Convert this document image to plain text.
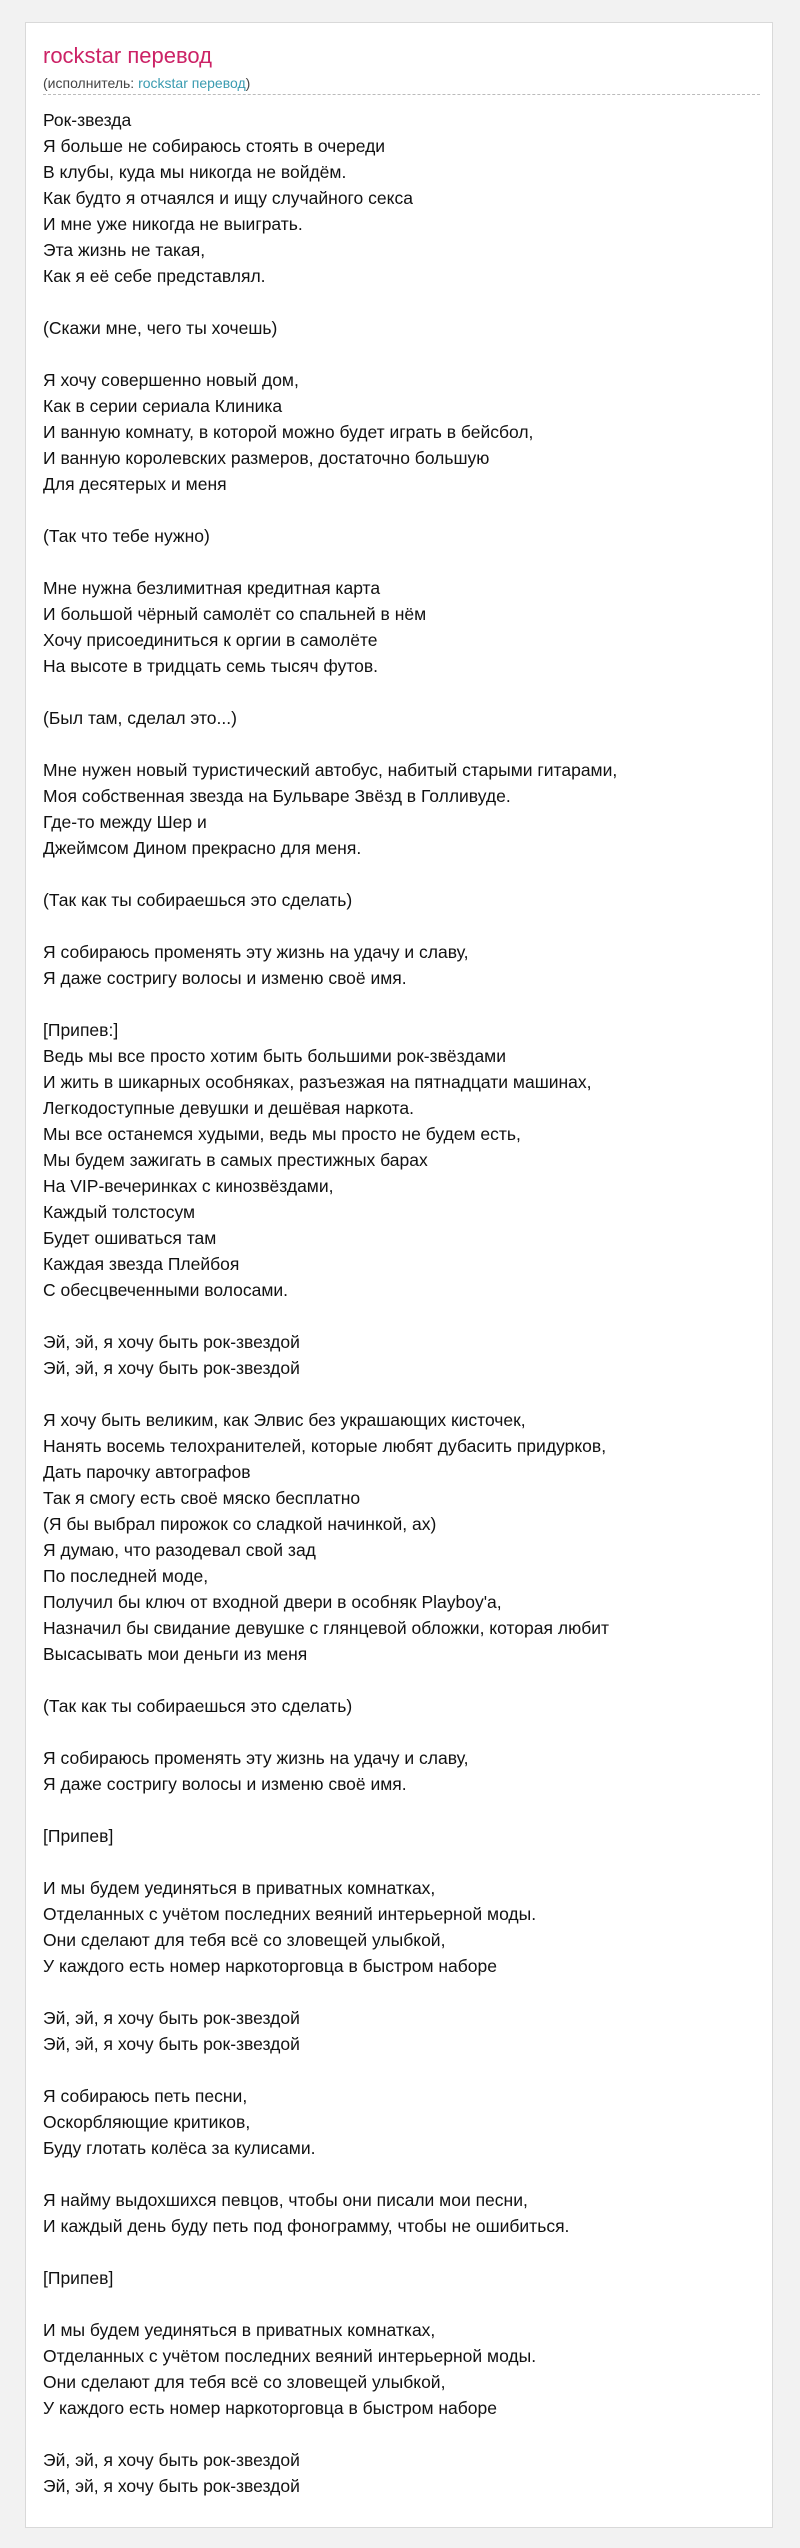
rockstar перевод
(исполнитель: rockstar перевод)
Рок-звезда
Я больше не собираюсь стоять в очереди
В клубы, куда мы никогда не войдём.
Как будто я отчаялся и ищу случайного секса
И мне уже никогда не выиграть.
Эта жизнь не такая,
Как я её себе представлял.
(Скажи мне, чего ты хочешь)
Я хочу совершенно новый дом,
Как в серии сериала Клиника
И ванную комнату, в которой можно будет играть в бейсбол,
И ванную королевских размеров, достаточно большую
Для десятерых и меня
(Так что тебе нужно)
Мне нужна безлимитная кредитная карта
И большой чёрный самолёт со спальней в нём
Хочу присоединиться к оргии в самолёте
На высоте в тридцать семь тысяч футов.
(Был там, сделал это...)
Мне нужен новый туристический автобус, набитый старыми гитарами,
Моя собственная звезда на Бульваре Звёзд в Голливуде.
Где-то между Шер и
Джеймсом Дином прекрасно для меня.
(Так как ты собираешься это сделать)
Я собираюсь променять эту жизнь на удачу и славу,
Я даже состригу волосы и изменю своё имя.
[Припев:]
Ведь мы все просто хотим быть большими рок-звёздами
И жить в шикарных особняках, разъезжая на пятнадцати машинах,
Легкодоступные девушки и дешёвая наркота.
Мы все останемся худыми, ведь мы просто не будем есть,
Мы будем зажигать в самых престижных барах
На VIP-вечеринках с кинозвёздами,
Каждый толстосум
Будет ошиваться там
Каждая звезда Плейбоя
С обесцвеченными волосами.
Эй, эй, я хочу быть рок-звездой
Эй, эй, я хочу быть рок-звездой
Я хочу быть великим, как Элвис без украшающих кисточек,
Нанять восемь телохранителей, которые любят дубасить придурков,
Дать парочку автографов
Так я смогу есть своё мяско бесплатно
(Я бы выбрал пирожок со сладкой начинкой, ах)
Я думаю, что разодевал свой зад
По последней моде,
Получил бы ключ от входной двери в особняк Playboy'a,
Назначил бы свидание девушке с глянцевой обложки, которая любит
Высасывать мои деньги из меня
(Так как ты собираешься это сделать)
Я собираюсь променять эту жизнь на удачу и славу,
Я даже состригу волосы и изменю своё имя.
[Припев]
И мы будем уединяться в приватных комнатках,
Отделанных с учётом последних веяний интерьерной моды.
Они сделают для тебя всё со зловещей улыбкой,
У каждого есть номер наркоторговца в быстром наборе
Эй, эй, я хочу быть рок-звездой
Эй, эй, я хочу быть рок-звездой
Я собираюсь петь песни,
Оскорбляющие критиков,
Буду глотать колёса за кулисами.
Я найму выдохшихся певцов, чтобы они писали мои песни,
И каждый день буду петь под фонограмму, чтобы не ошибиться.
[Припев]
И мы будем уединяться в приватных комнатках,
Отделанных с учётом последних веяний интерьерной моды.
Они сделают для тебя всё со зловещей улыбкой,
У каждого есть номер наркоторговца в быстром наборе
Эй, эй, я хочу быть рок-звездой
Эй, эй, я хочу быть рок-звездой
